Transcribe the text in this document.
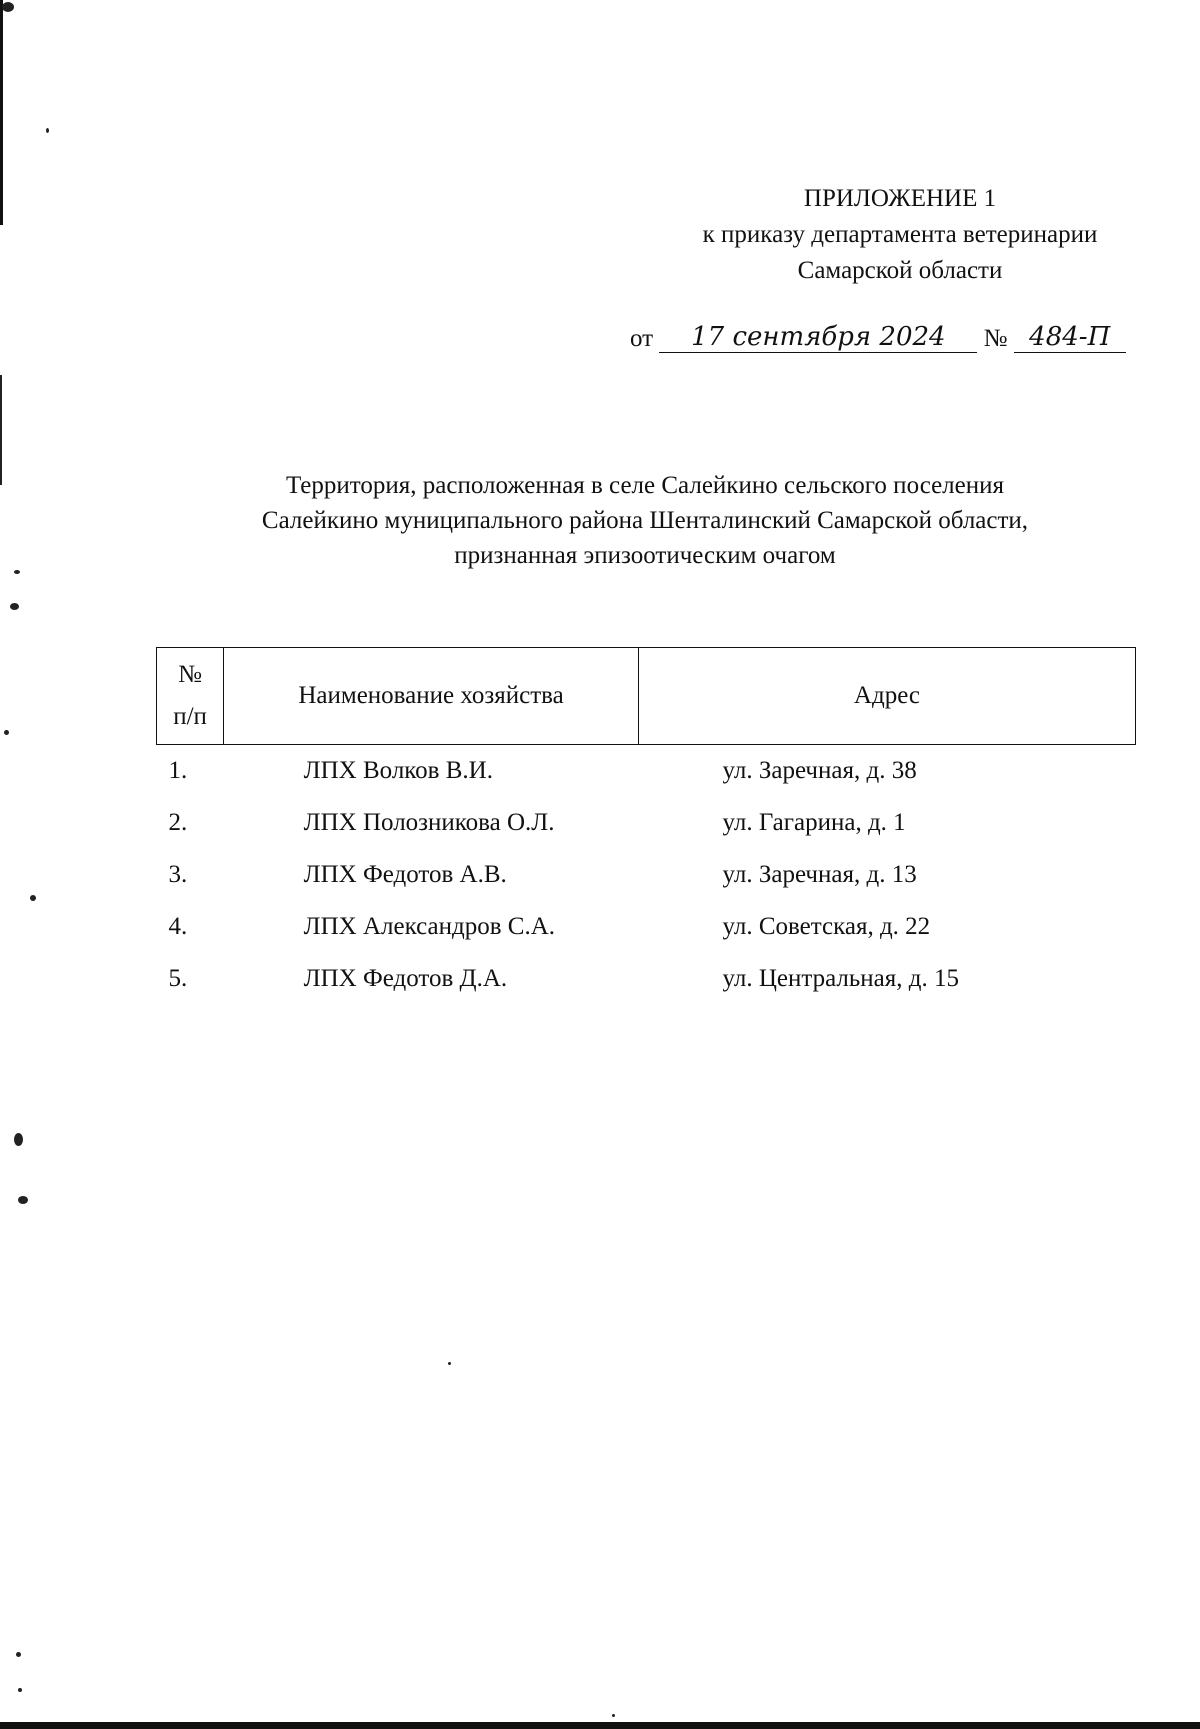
ПРИЛОЖЕНИЕ 1
к приказу департамента ветеринарии
Самарской области
от 17 сентября 2024 № 484-П
Территория, расположенная в селе Салейкино сельского поселения
Салейкино муниципального района Шенталинский Самарской области,
признанная эпизоотическим очагом
№
п/п	Наименование хозяйства	Адрес
1.	ЛПХ Волков В.И.	ул. Заречная, д. 38
2.	ЛПХ Полозникова О.Л.	ул. Гагарина, д. 1
3.	ЛПХ Федотов А.В.	ул. Заречная, д. 13
4.	ЛПХ Александров С.А.	ул. Советская, д. 22
5.	ЛПХ Федотов Д.А.	ул. Центральная, д. 15
